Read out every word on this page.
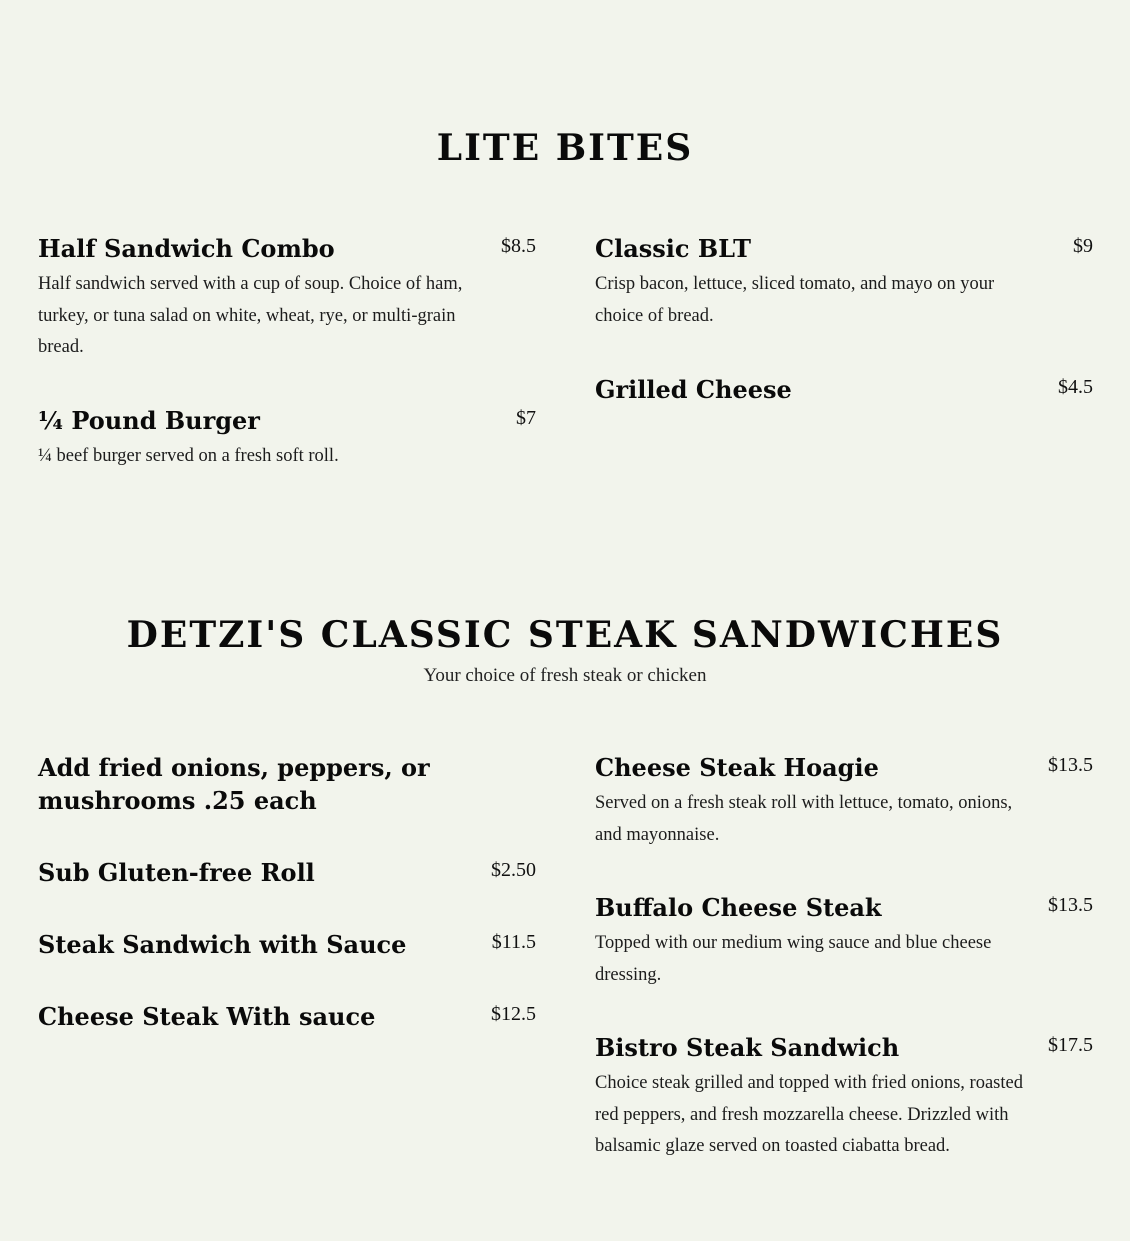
LITE BITES
Half Sandwich Combo	$8.5
Half sandwich served with a cup of soup. Choice of ham, turkey, or tuna salad on white, wheat, rye, or multi-grain bread.
¼ Pound Burger	$7
¼ beef burger served on a fresh soft roll.
Classic BLT	$9
Crisp bacon, lettuce, sliced tomato, and mayo on your choice of bread.
Grilled Cheese	$4.5
DETZI'S CLASSIC STEAK SANDWICHES
Your choice of fresh steak or chicken
Add fried onions, peppers, or mushrooms .25 each
Sub Gluten-free Roll	$2.50
Steak Sandwich with Sauce	$11.5
Cheese Steak With sauce	$12.5
Cheese Steak Hoagie	$13.5
Served on a fresh steak roll with lettuce, tomato, onions, and mayonnaise.
Buffalo Cheese Steak	$13.5
Topped with our medium wing sauce and blue cheese dressing.
Bistro Steak Sandwich	$17.5
Choice steak grilled and topped with fried onions, roasted red peppers, and fresh mozzarella cheese. Drizzled with balsamic glaze served on toasted ciabatta bread.
